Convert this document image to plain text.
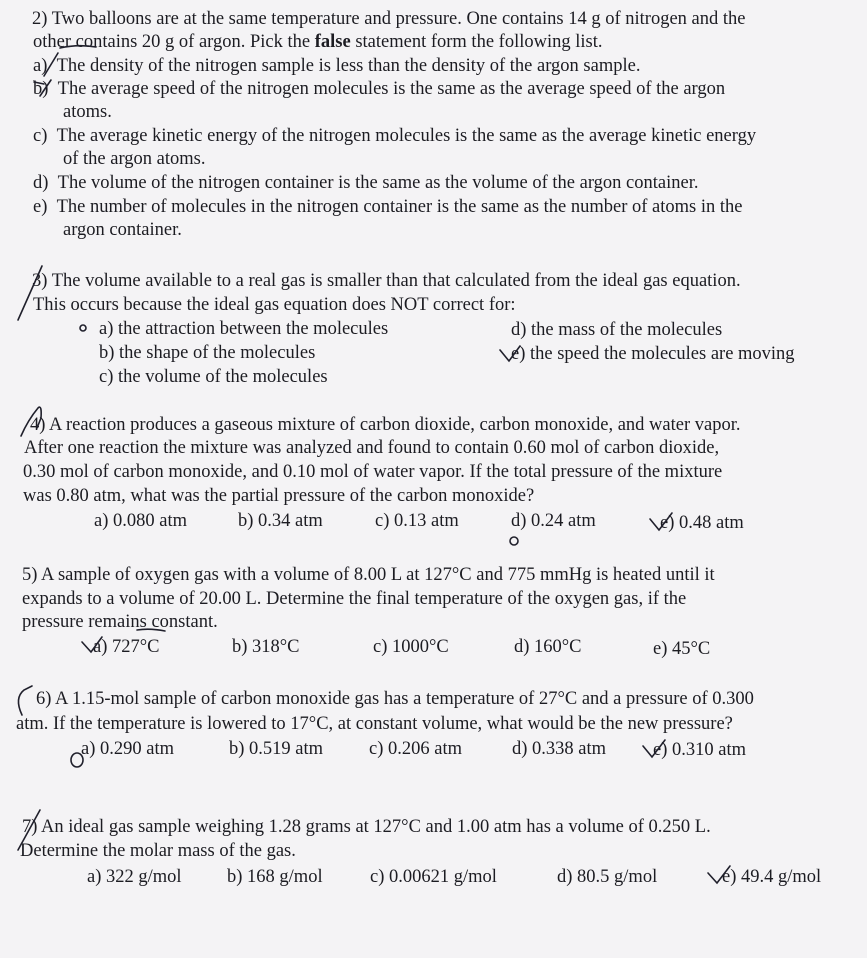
2) Two balloons are at the same temperature and pressure. One contains 14 g of nitrogen and the
other contains 20 g of argon. Pick the false statement form the following list.
a) The density of the nitrogen sample is less than the density of the argon sample.
b) The average speed of the nitrogen molecules is the same as the average speed of the argon
atoms.
c) The average kinetic energy of the nitrogen molecules is the same as the average kinetic energy
of the argon atoms.
d) The volume of the nitrogen container is the same as the volume of the argon container.
e) The number of molecules in the nitrogen container is the same as the number of atoms in the
argon container.
3) The volume available to a real gas is smaller than that calculated from the ideal gas equation.
This occurs because the ideal gas equation does NOT correct for:
a) the attraction between the molecules
b) the shape of the molecules
c) the volume of the molecules
d) the mass of the molecules
e) the speed the molecules are moving
4) A reaction produces a gaseous mixture of carbon dioxide, carbon monoxide, and water vapor.
After one reaction the mixture was analyzed and found to contain 0.60 mol of carbon dioxide,
0.30 mol of carbon monoxide, and 0.10 mol of water vapor. If the total pressure of the mixture
was 0.80 atm, what was the partial pressure of the carbon monoxide?
a) 0.080 atm	b) 0.34 atm	c) 0.13 atm	d) 0.24 atm	e) 0.48 atm
5) A sample of oxygen gas with a volume of 8.00 L at 127°C and 775 mmHg is heated until it
expands to a volume of 20.00 L. Determine the final temperature of the oxygen gas, if the
pressure remains constant.
a) 727°C	b) 318°C	c) 1000°C	d) 160°C	e) 45°C
6) A 1.15-mol sample of carbon monoxide gas has a temperature of 27°C and a pressure of 0.300
atm. If the temperature is lowered to 17°C, at constant volume, what would be the new pressure?
a) 0.290 atm	b) 0.519 atm c) 0.206 atm	d) 0.338 atm	e) 0.310 atm
7) An ideal gas sample weighing 1.28 grams at 127°C and 1.00 atm has a volume of 0.250 L.
Determine the molar mass of the gas.
a) 322 g/mol b) 168 g/mol	c) 0.00621 g/mol	d) 80.5 g/mol	e) 49.4 g/mol
